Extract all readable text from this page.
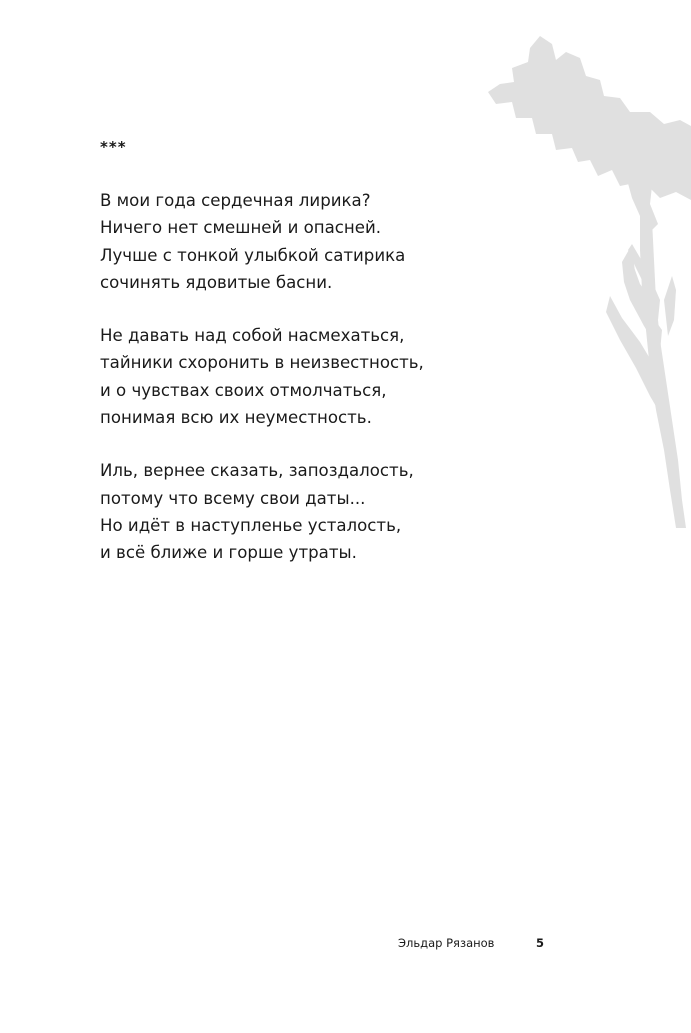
***
В мои года сердечная лирика?
Ничего нет смешней и опасней.
Лучше с тонкой улыбкой сатирика
сочинять ядовитые басни.
Не давать над собой насмехаться,
тайники схоронить в неизвестность,
и о чувствах своих отмолчаться,
понимая всю их неуместность.
Иль, вернее сказать, запоздалость,
потому что всему свои даты...
Но идёт в наступленье усталость,
и всё ближе и горше утраты.
Эльдар Рязанов	5
